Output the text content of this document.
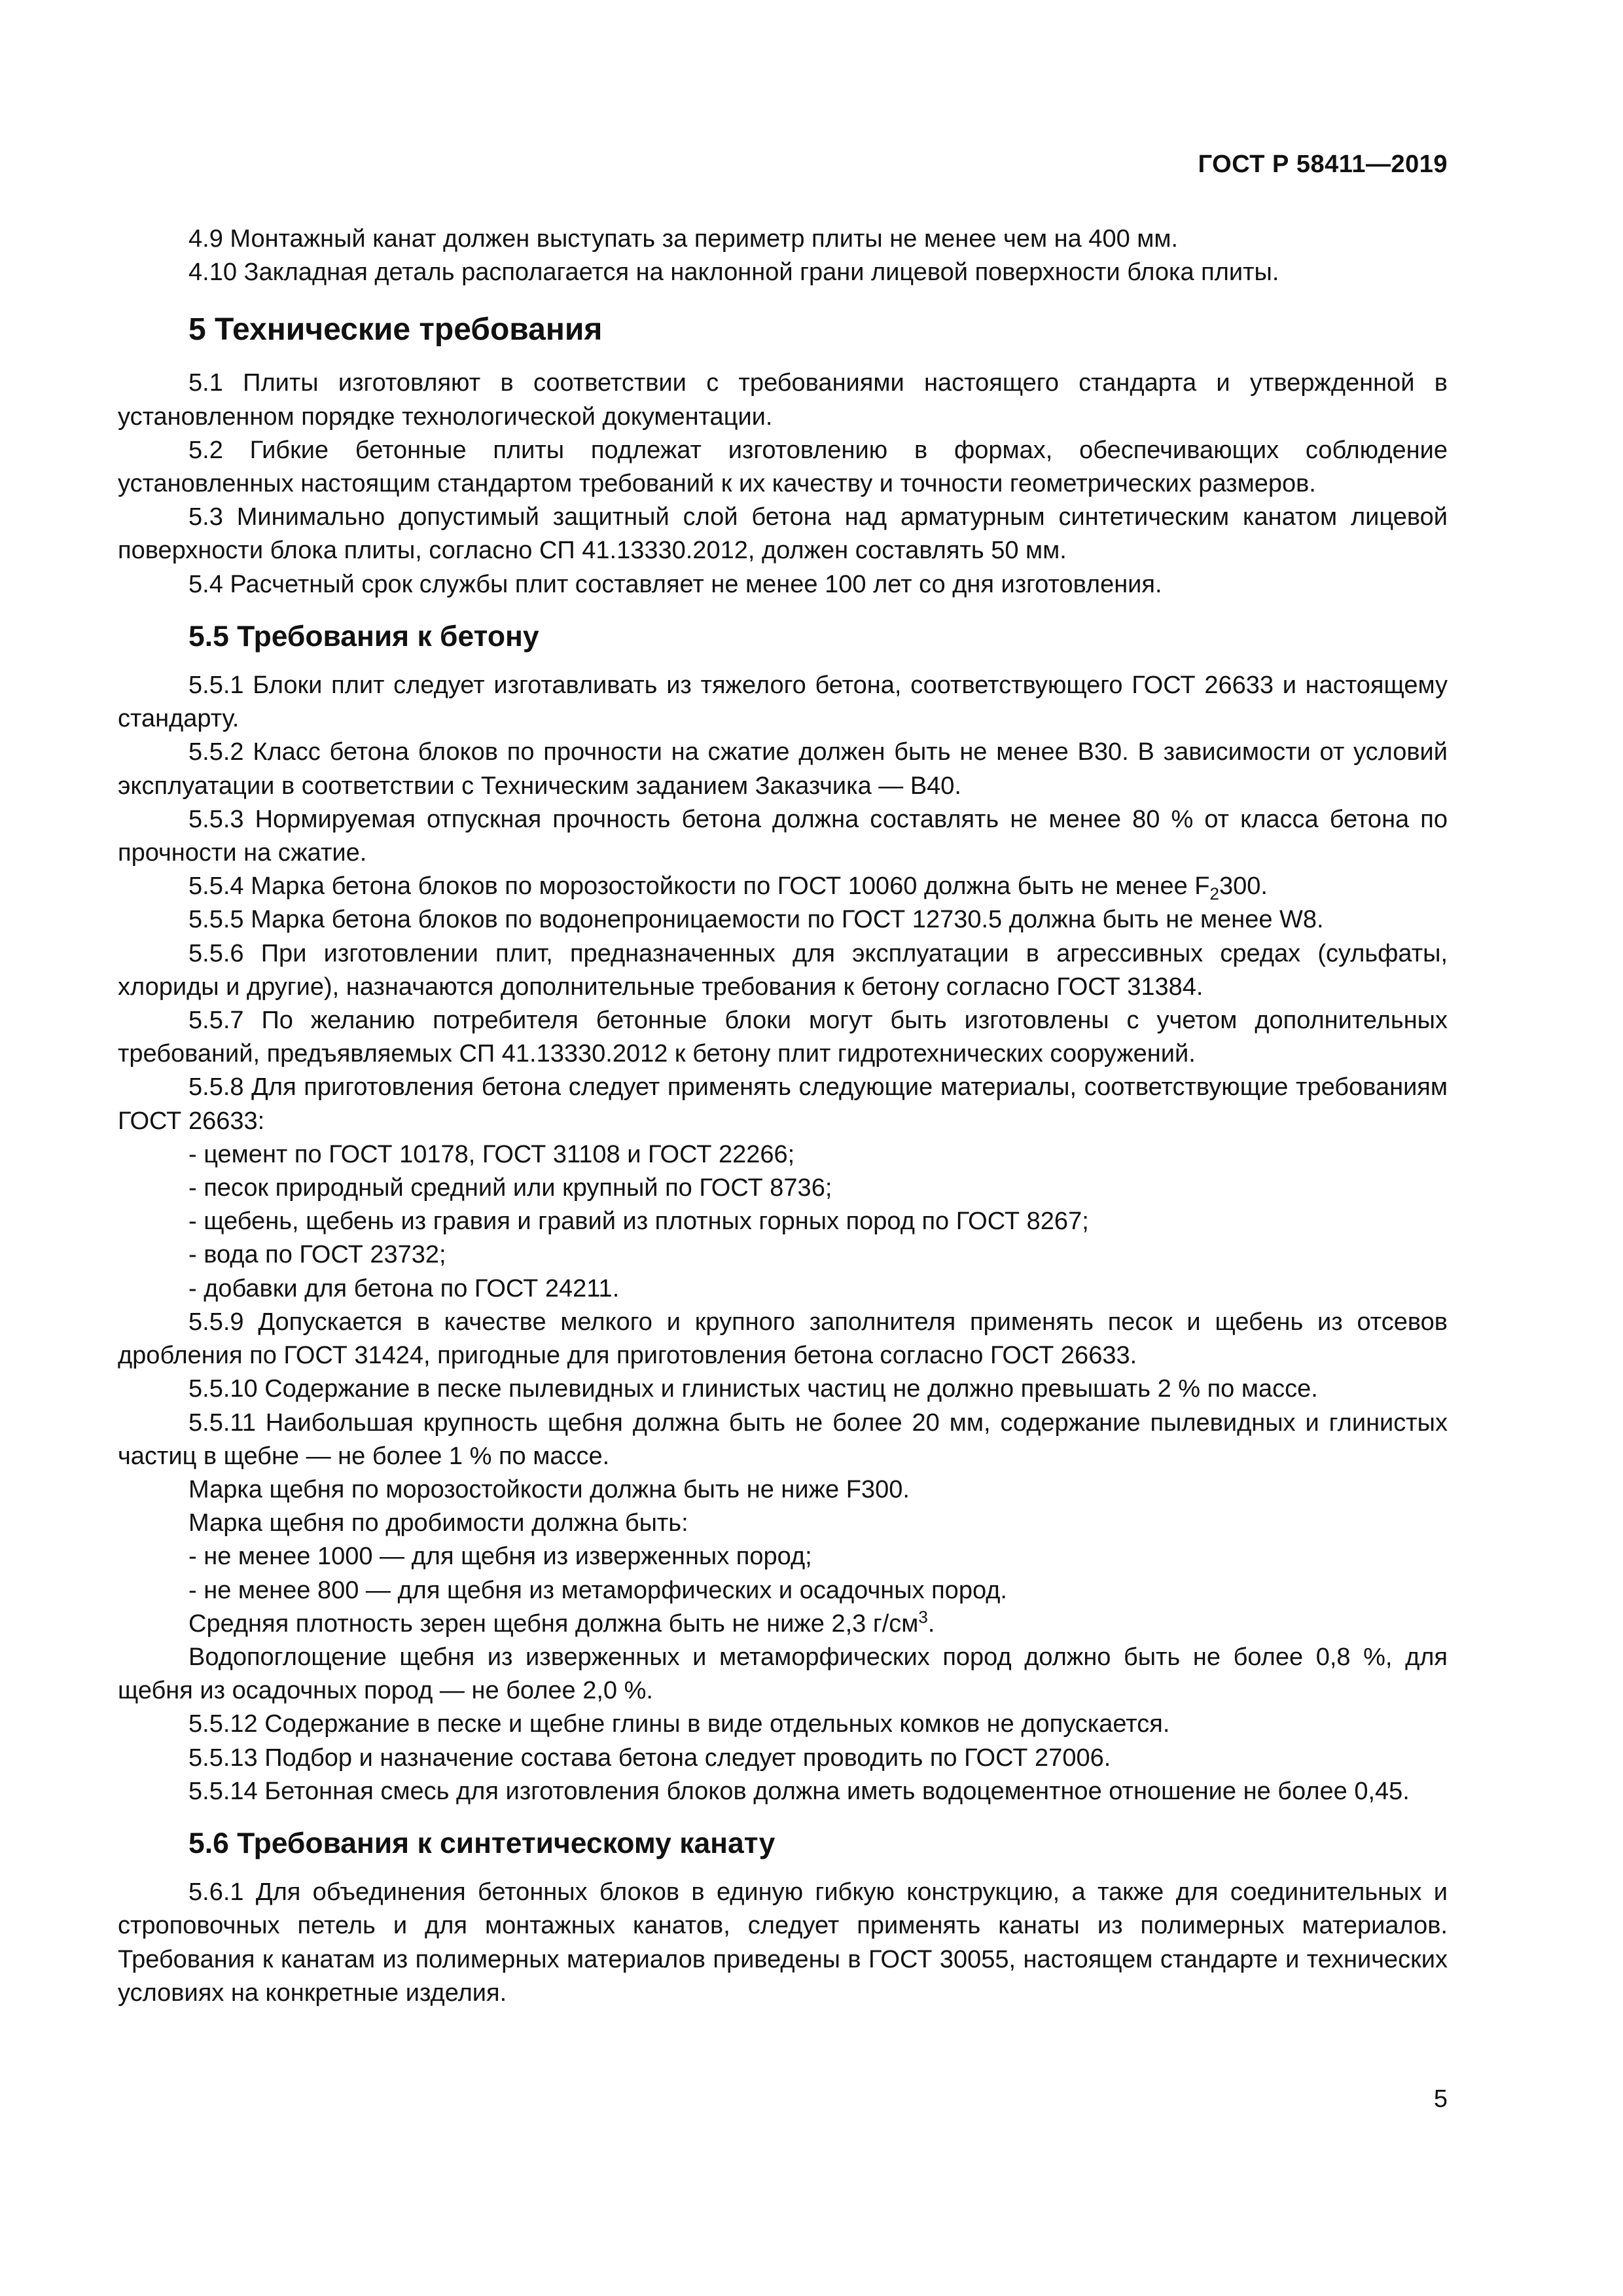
ГОСТ Р 58411—2019

4.9 Монтажный канат должен выступать за периметр плиты не менее чем на 400 мм.

4.10 Закладная деталь располагается на наклонной грани лицевой поверхности блока плиты.

5 Технические требования

5.1 Плиты изготовляют в соответствии с требованиями настоящего стандарта и утвержденной в установленном порядке технологической документации.

5.2 Гибкие бетонные плиты подлежат изготовлению в формах, обеспечивающих соблюдение установленных настоящим стандартом требований к их качеству и точности геометрических размеров.

5.3 Минимально допустимый защитный слой бетона над арматурным синтетическим канатом лицевой поверхности блока плиты, согласно СП 41.13330.2012, должен составлять 50 мм.

5.4 Расчетный срок службы плит составляет не менее 100 лет со дня изготовления.

5.5 Требования к бетону

5.5.1 Блоки плит следует изготавливать из тяжелого бетона, соответствующего ГОСТ 26633 и настоящему стандарту.

5.5.2 Класс бетона блоков по прочности на сжатие должен быть не менее В30. В зависимости от условий эксплуатации в соответствии с Техническим заданием Заказчика — В40.

5.5.3 Нормируемая отпускная прочность бетона должна составлять не менее 80 % от класса бетона по прочности на сжатие.

5.5.4 Марка бетона блоков по морозостойкости по ГОСТ 10060 должна быть не менее $F_2300$.

5.5.5 Марка бетона блоков по водонепроницаемости по ГОСТ 12730.5 должна быть не менее W8.

5.5.6 При изготовлении плит, предназначенных для эксплуатации в агрессивных средах (сульфаты, хлориды и другие), назначаются дополнительные требования к бетону согласно ГОСТ 31384.

5.5.7 По желанию потребителя бетонные блоки могут быть изготовлены с учетом дополнительных требований, предъявляемых СП 41.13330.2012 к бетону плит гидротехнических сооружений.

5.5.8 Для приготовления бетона следует применять следующие материалы, соответствующие требованиям ГОСТ 26633:

- цемент по ГОСТ 10178, ГОСТ 31108 и ГОСТ 22266;

- песок природный средний или крупный по ГОСТ 8736;

- щебень, щебень из гравия и гравий из плотных горных пород по ГОСТ 8267;

- вода по ГОСТ 23732;

- добавки для бетона по ГОСТ 24211.

5.5.9 Допускается в качестве мелкого и крупного заполнителя применять песок и щебень из отсевов дробления по ГОСТ 31424, пригодные для приготовления бетона согласно ГОСТ 26633.

5.5.10 Содержание в песке пылевидных и глинистых частиц не должно превышать 2 % по массе.

5.5.11 Наибольшая крупность щебня должна быть не более 20 мм, содержание пылевидных и глинистых частиц в щебне — не более 1 % по массе.

Марка щебня по морозостойкости должна быть не ниже F300.

Марка щебня по дробимости должна быть:

- не менее 1000 — для щебня из изверженных пород;

- не менее 800 — для щебня из метаморфических и осадочных пород.

Средняя плотность зерен щебня должна быть не ниже 2,3 $г/см^3$.

Водопоглощение щебня из изверженных и метаморфических пород должно быть не более 0,8 %, для щебня из осадочных пород — не более 2,0 %.

5.5.12 Содержание в песке и щебне глины в виде отдельных комков не допускается.

5.5.13 Подбор и назначение состава бетона следует проводить по ГОСТ 27006.

5.5.14 Бетонная смесь для изготовления блоков должна иметь водоцементное отношение не более 0,45.

5.6 Требования к синтетическому канату

5.6.1 Для объединения бетонных блоков в единую гибкую конструкцию, а также для соединительных и строповочных петель и для монтажных канатов, следует применять канаты из полимерных материалов. Требования к канатам из полимерных материалов приведены в ГОСТ 30055, настоящем стандарте и технических условиях на конкретные изделия.

5
